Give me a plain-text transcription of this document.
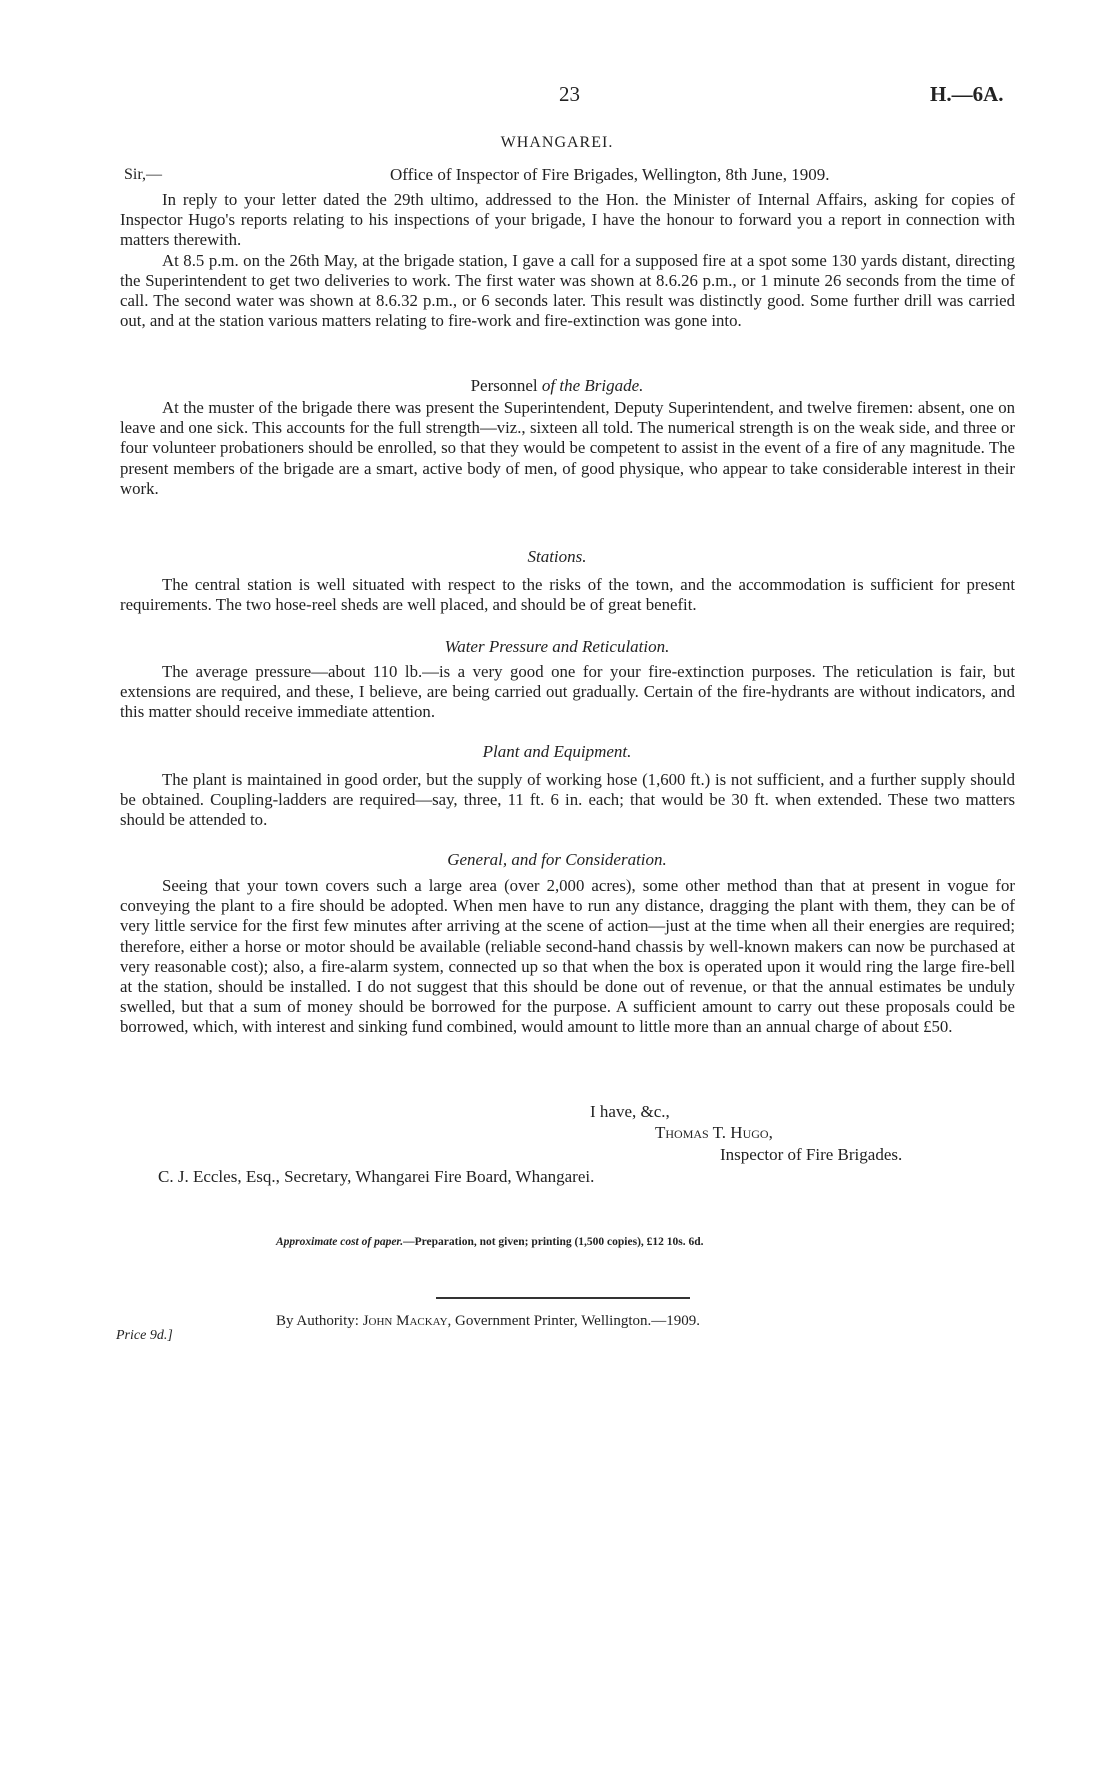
23	H.—6A.
WHANGAREI.
Sir,—	Office of Inspector of Fire Brigades, Wellington, 8th June, 1909.

In reply to your letter dated the 29th ultimo, addressed to the Hon. the Minister of Internal Affairs, asking for copies of Inspector Hugo's reports relating to his inspections of your brigade, I have the honour to forward you a report in connection with matters therewith.

At 8.5 p.m. on the 26th May, at the brigade station, I gave a call for a supposed fire at a spot some 130 yards distant, directing the Superintendent to get two deliveries to work. The first water was shown at 8.6.26 p.m., or 1 minute 26 seconds from the time of call. The second water was shown at 8.6.32 p.m., or 6 seconds later. This result was distinctly good. Some further drill was carried out, and at the station various matters relating to fire-work and fire-extinction was gone into.

Personnel of the Brigade.

At the muster of the brigade there was present the Superintendent, Deputy Superintendent, and twelve firemen: absent, one on leave and one sick. This accounts for the full strength—viz., sixteen all told. The numerical strength is on the weak side, and three or four volunteer probationers should be enrolled, so that they would be competent to assist in the event of a fire of any magnitude. The present members of the brigade are a smart, active body of men, of good physique, who appear to take considerable interest in their work.

Stations.

The central station is well situated with respect to the risks of the town, and the accommodation is sufficient for present requirements. The two hose-reel sheds are well placed, and should be of great benefit.

Water Pressure and Reticulation.

The average pressure—about 110 lb.—is a very good one for your fire-extinction purposes. The reticulation is fair, but extensions are required, and these, I believe, are being carried out gradually. Certain of the fire-hydrants are without indicators, and this matter should receive immediate attention.

Plant and Equipment.

The plant is maintained in good order, but the supply of working hose (1,600 ft.) is not sufficient, and a further supply should be obtained. Coupling-ladders are required—say, three, 11 ft. 6 in. each; that would be 30 ft. when extended. These two matters should be attended to.

General, and for Consideration.

Seeing that your town covers such a large area (over 2,000 acres), some other method than that at present in vogue for conveying the plant to a fire should be adopted. When men have to run any distance, dragging the plant with them, they can be of very little service for the first few minutes after arriving at the scene of action—just at the time when all their energies are required; therefore, either a horse or motor should be available (reliable second-hand chassis by well-known makers can now be purchased at very reasonable cost); also, a fire-alarm system, connected up so that when the box is operated upon it would ring the large fire-bell at the station, should be installed. I do not suggest that this should be done out of revenue, or that the annual estimates be unduly swelled, but that a sum of money should be borrowed for the purpose. A sufficient amount to carry out these proposals could be borrowed, which, with interest and sinking fund combined, would amount to little more than an annual charge of about £50.

I have, &c.,
Thomas T. Hugo,
Inspector of Fire Brigades.
C. J. Eccles, Esq., Secretary, Whangarei Fire Board, Whangarei.
Approximate cost of paper.—Preparation, not given; printing (1,500 copies), £12 10s. 6d.
By Authority: John Mackay, Government Printer, Wellington.—1909.
Price 9d.]
